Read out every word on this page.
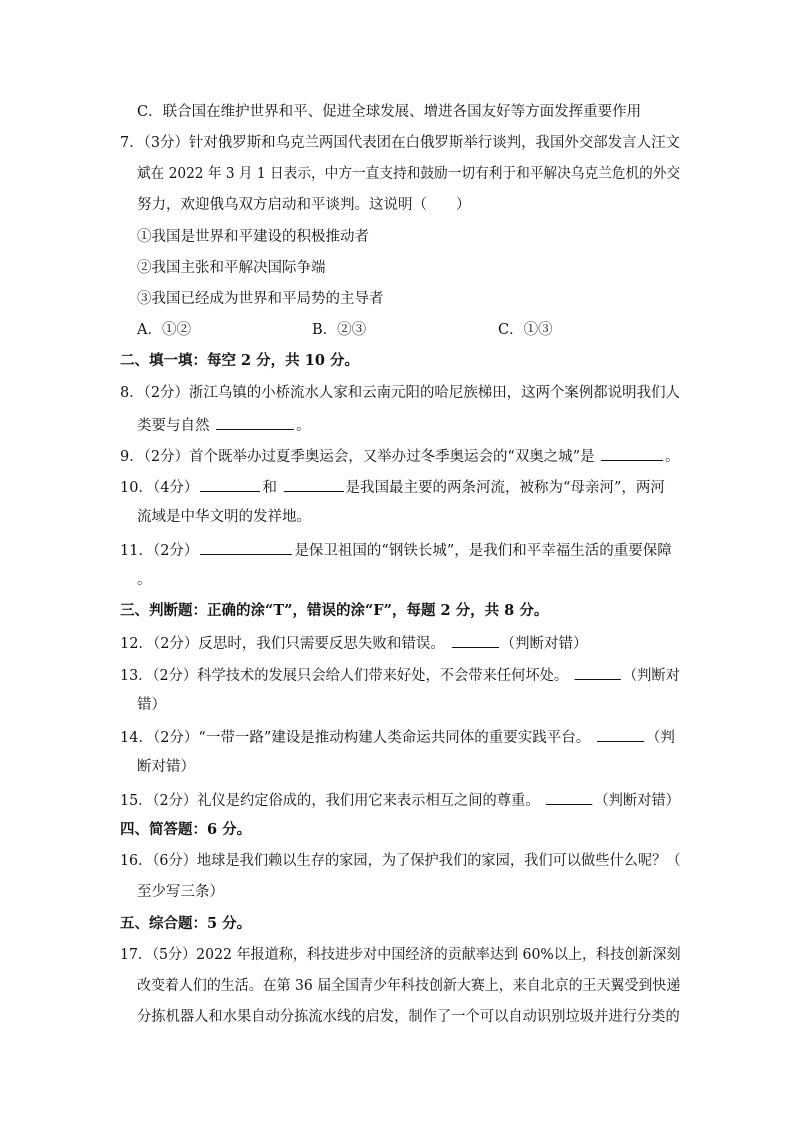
C．联合国在维护世界和平、促进全球发展、增进各国友好等方面发挥重要作用
7．（3分）针对俄罗斯和乌克兰两国代表团在白俄罗斯举行谈判，我国外交部发言人汪文
斌在 2022 年 3 月 1 日表示，中方一直支持和鼓励一切有利于和平解决乌克兰危机的外交
努力，欢迎俄乌双方启动和平谈判。这说明（　　）
①我国是世界和平建设的积极推动者
②我国主张和平解决国际争端
③我国已经成为世界和平局势的主导者
A．①②	B．②③	C．①③
二、填一填：每空 2 分，共 10 分。
8．（2分）浙江乌镇的小桥流水人家和云南元阳的哈尼族梯田，这两个案例都说明我们人
类要与自然	。
9．（2分）首个既举办过夏季奥运会，又举办过冬季奥运会的“双奥之城”是	。
10．（4分）	和	是我国最主要的两条河流，被称为“母亲河”，两河
流域是中华文明的发祥地。
11．（2分）	是保卫祖国的“钢铁长城”，是我们和平幸福生活的重要保障
。
三、判断题：正确的涂“T”，错误的涂“F”，每题 2 分，共 8 分。
12．（2分）反思时，我们只需要反思失败和错误。	（判断对错）
13．（2分）科学技术的发展只会给人们带来好处，不会带来任何坏处。	（判断对
错）
14．（2分）“一带一路”建设是推动构建人类命运共同体的重要实践平台。	（判
断对错）
15．（2分）礼仪是约定俗成的，我们用它来表示相互之间的尊重。	（判断对错）
四、简答题：6 分。
16．（6分）地球是我们赖以生存的家园，为了保护我们的家园，我们可以做些什么呢？（
至少写三条）
五、综合题：5 分。
17．（5分）2022 年报道称，科技进步对中国经济的贡献率达到 60%以上，科技创新深刻
改变着人们的生活。在第 36 届全国青少年科技创新大赛上，来自北京的王天翼受到快递
分拣机器人和水果自动分拣流水线的启发，制作了一个可以自动识别垃圾并进行分类的
